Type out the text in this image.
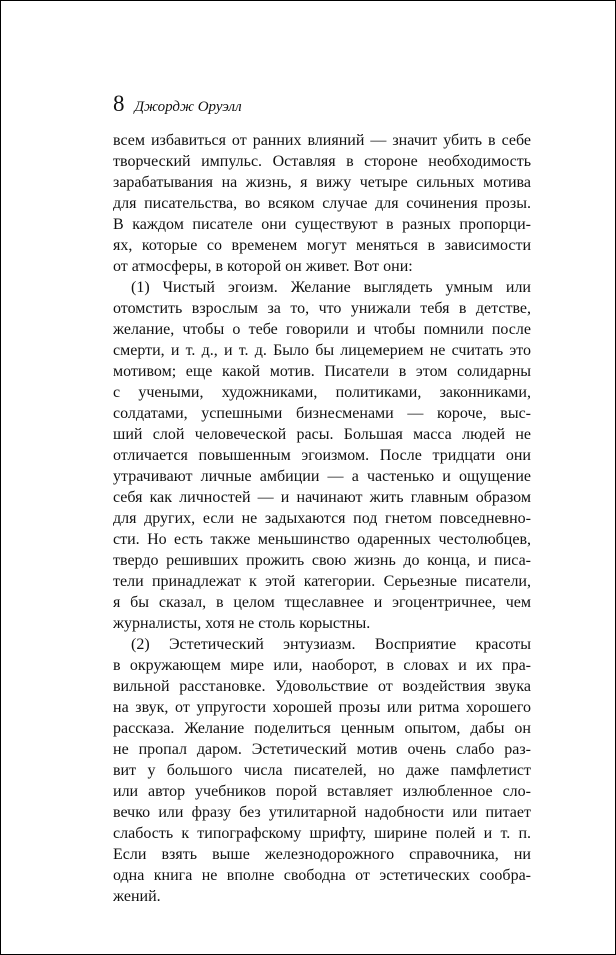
8 Джордж Оруэлл
всем избавиться от ранних влияний — значит убить в себе
творческий импульс. Оставляя в стороне необходимость
зарабатывания на жизнь, я вижу четыре сильных мотива
для писательства, во всяком случае для сочинения прозы.
В каждом писателе они существуют в разных пропорци-
ях, которые со временем могут меняться в зависимости
от атмосферы, в которой он живет. Вот они:
(1) Чистый эгоизм. Желание выглядеть умным или
отомстить взрослым за то, что унижали тебя в детстве,
желание, чтобы о тебе говорили и чтобы помнили после
смерти, и т. д., и т. д. Было бы лицемерием не считать это
мотивом; еще какой мотив. Писатели в этом солидарны
с учеными, художниками, политиками, законниками,
солдатами, успешными бизнесменами — короче, выс-
ший слой человеческой расы. Большая масса людей не
отличается повышенным эгоизмом. После тридцати они
утрачивают личные амбиции — а частенько и ощущение
себя как личностей — и начинают жить главным образом
для других, если не задыхаются под гнетом повседневно-
сти. Но есть также меньшинство одаренных честолюбцев,
твердо решивших прожить свою жизнь до конца, и писа-
тели принадлежат к этой категории. Серьезные писатели,
я бы сказал, в целом тщеславнее и эгоцентричнее, чем
журналисты, хотя не столь корыстны.
(2) Эстетический энтузиазм. Восприятие красоты
в окружающем мире или, наоборот, в словах и их пра-
вильной расстановке. Удовольствие от воздействия звука
на звук, от упругости хорошей прозы или ритма хорошего
рассказа. Желание поделиться ценным опытом, дабы он
не пропал даром. Эстетический мотив очень слабо раз-
вит у большого числа писателей, но даже памфлетист
или автор учебников порой вставляет излюбленное сло-
вечко или фразу без утилитарной надобности или питает
слабость к типографскому шрифту, ширине полей и т. п.
Если взять выше железнодорожного справочника, ни
одна книга не вполне свободна от эстетических сообра-
жений.
